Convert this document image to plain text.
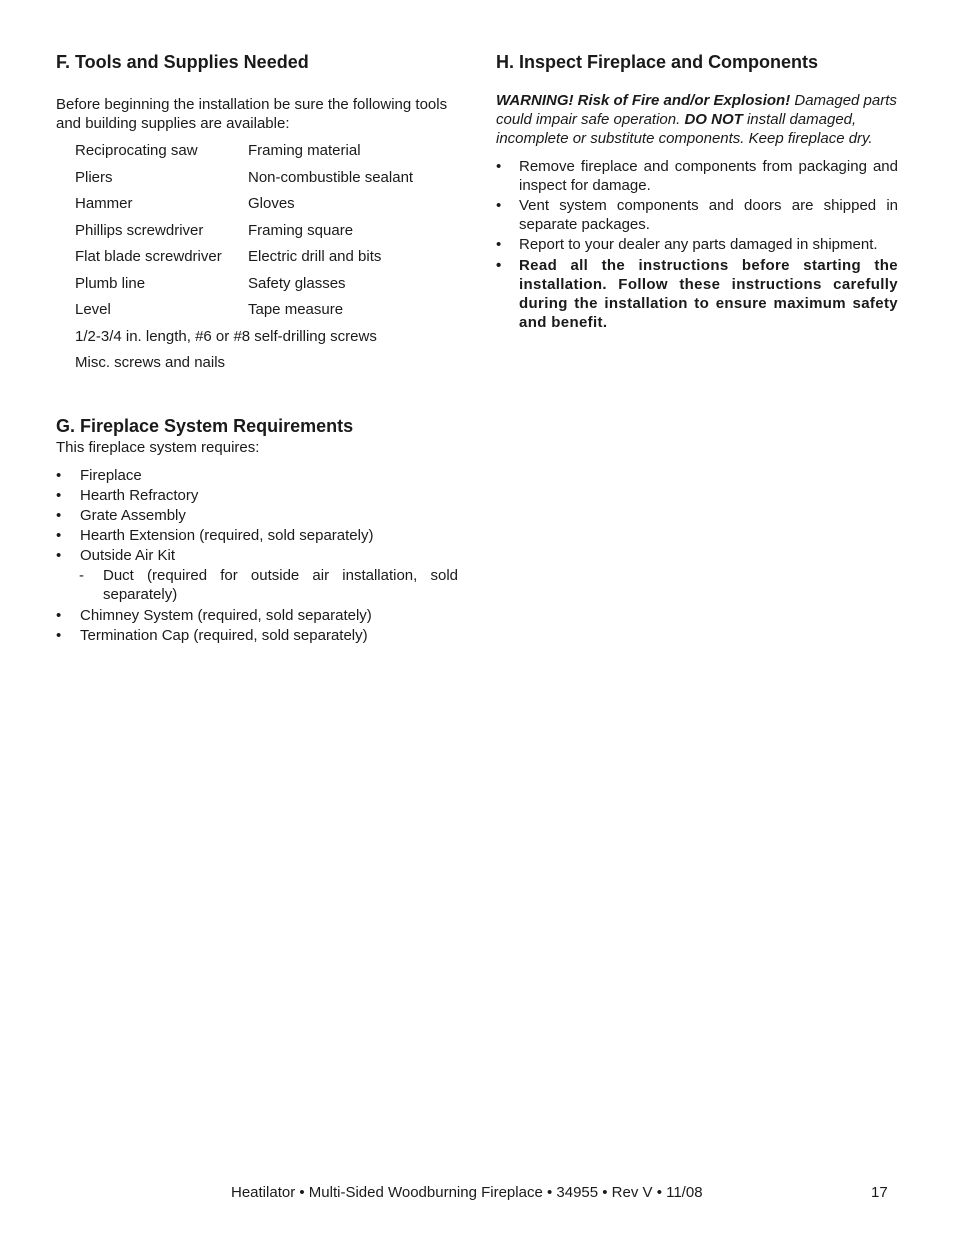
F. Tools and Supplies Needed

Before beginning the installation be sure the following tools and building supplies are available:

Reciprocating saw	Framing material
Pliers	Non-combustible sealant
Hammer	Gloves
Phillips screwdriver	Framing square
Flat blade screwdriver	Electric drill and bits
Plumb line	Safety glasses
Level	Tape measure
1/2-3/4 in. length, #6 or #8 self-drilling screws
Misc. screws and nails
G. Fireplace System Requirements

This fireplace system requires:

• Fireplace
• Hearth Refractory
• Grate Assembly
• Hearth Extension (required, sold separately)
• Outside Air Kit
- Duct (required for outside air installation, sold separately)
• Chimney System (required, sold separately)
• Termination Cap (required, sold separately)
H. Inspect Fireplace and Components

WARNING! Risk of Fire and/or Explosion! Damaged parts could impair safe operation. DO NOT install damaged, incomplete or substitute components. Keep fireplace dry.

• Remove fireplace and components from packaging and inspect for damage.
• Vent system components and doors are shipped in separate packages.
• Report to your dealer any parts damaged in shipment.
• Read all the instructions before starting the installation. Follow these instructions carefully during the installation to ensure maximum safety and benefit.
Heatilator • Multi-Sided Woodburning Fireplace • 34955 • Rev V • 11/08	17
